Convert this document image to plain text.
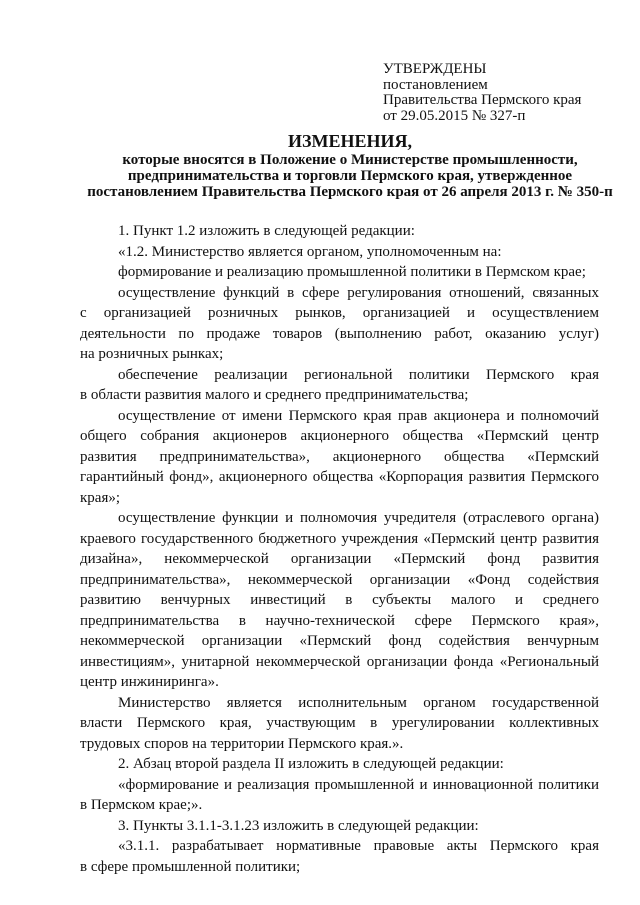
УТВЕРЖДЕНЫ
постановлением
Правительства Пермского края
от 29.05.2015 № 327-п
ИЗМЕНЕНИЯ,
которые вносятся в Положение о Министерстве промышленности,
предпринимательства и торговли Пермского края, утвержденное
постановлением Правительства Пермского края от 26 апреля 2013 г. № 350-п
1. Пункт 1.2 изложить в следующей редакции:
«1.2. Министерство является органом, уполномоченным на:
формирование и реализацию промышленной политики в Пермском крае;
осуществление функций в сфере регулирования отношений, связанных
с организацией розничных рынков, организацией и осуществлением
деятельности по продаже товаров (выполнению работ, оказанию услуг)
на розничных рынках;
обеспечение реализации региональной политики Пермского края
в области развития малого и среднего предпринимательства;
осуществление от имени Пермского края прав акционера и полномочий
общего собрания акционеров акционерного общества «Пермский центр
развития предпринимательства», акционерного общества «Пермский
гарантийный фонд», акционерного общества «Корпорация развития Пермского
края»;
осуществление функции и полномочия учредителя (отраслевого органа)
краевого государственного бюджетного учреждения «Пермский центр развития
дизайна», некоммерческой организации «Пермский фонд развития
предпринимательства», некоммерческой организации «Фонд содействия
развитию венчурных инвестиций в субъекты малого и среднего
предпринимательства в научно-технической сфере Пермского края»,
некоммерческой организации «Пермский фонд содействия венчурным
инвестициям», унитарной некоммерческой организации фонда «Региональный
центр инжиниринга».
Министерство является исполнительным органом государственной
власти Пермского края, участвующим в урегулировании коллективных
трудовых споров на территории Пермского края.».
2. Абзац второй раздела II изложить в следующей редакции:
«формирование и реализация промышленной и инновационной политики
в Пермском крае;».
3. Пункты 3.1.1-3.1.23 изложить в следующей редакции:
«3.1.1. разрабатывает нормативные правовые акты Пермского края
в сфере промышленной политики;
